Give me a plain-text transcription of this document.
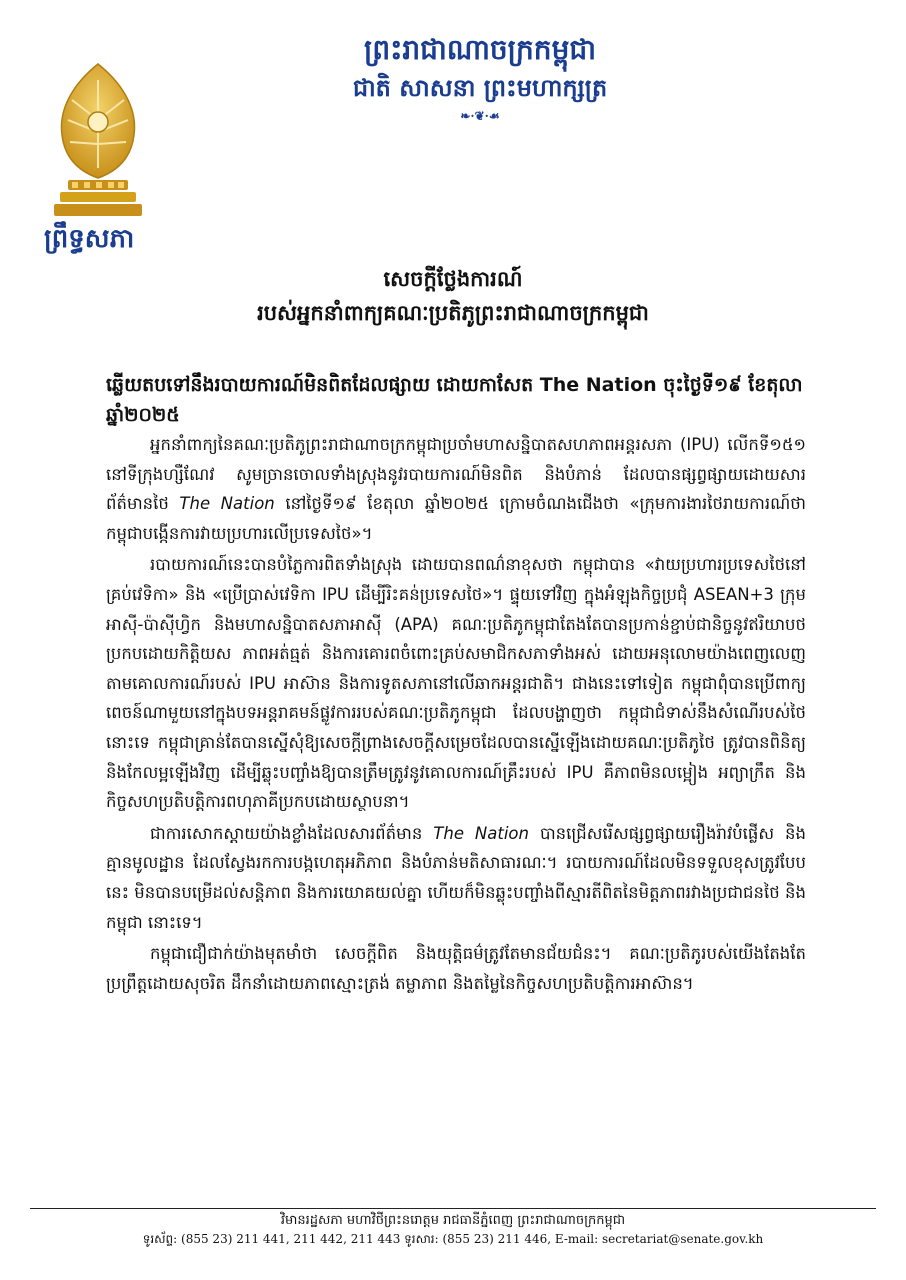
ព្រឹទ្ធសភា
ព្រះរាជាណាចក្រកម្ពុជា
ជាតិ សាសនា ព្រះមហាក្សត្រ
❧·❦·☙
សេចក្តីថ្លែងការណ៍
របស់អ្នកនាំពាក្យគណៈប្រតិភូព្រះរាជាណាចក្រកម្ពុជា
ឆ្លើយតបទៅនឹងរបាយការណ៍មិនពិតដែលផ្សាយ ដោយកាសែត The Nation ចុះថ្ងៃទី១៩ ខែតុលា ឆ្នាំ២០២៥

អ្នកនាំពាក្យនៃគណៈប្រតិភូព្រះរាជាណាចក្រកម្ពុជាប្រចាំមហាសន្និបាតសហភាពអន្តរសភា (IPU) លើកទី១៥១ នៅទីក្រុងហ្សឺណែវ សូមច្រានចោលទាំងស្រុងនូវរបាយការណ៍មិនពិត និងបំភាន់ ដែលបានផ្សព្វផ្សាយដោយសារព័ត៌មានថៃ The Nation នៅថ្ងៃទី១៩ ខែតុលា ឆ្នាំ២០២៥ ក្រោមចំណងជើងថា «ក្រុមការងារថៃរាយការណ៍ថា កម្ពុជាបង្កើនការវាយប្រហារលើប្រទេសថៃ»។

របាយការណ៍នេះបានបំភ្លៃការពិតទាំងស្រុង ដោយបានពណ៌នាខុសថា កម្ពុជាបាន «វាយប្រហារប្រទេសថៃនៅគ្រប់វេទិកា» និង «ប្រើប្រាស់វេទិកា IPU ដើម្បីរិះគន់ប្រទេសថៃ»។ ផ្ទុយទៅវិញ ក្នុងអំឡុងកិច្ចប្រជុំ ASEAN+3 ក្រុមអាស៊ី-ប៉ាស៊ីហ្វិក និងមហាសន្និបាតសភាអាស៊ី (APA) គណៈប្រតិភូកម្ពុជាតែងតែបានប្រកាន់ខ្ជាប់ជានិច្ចនូវឥរិយាបថប្រកបដោយកិត្តិយស ភាពអត់ធ្មត់ និងការគោរពចំពោះគ្រប់សមាជិកសភាទាំងអស់ ដោយអនុលោមយ៉ាងពេញលេញតាមគោលការណ៍របស់ IPU អាស៊ាន និងការទូតសភានៅលើឆាកអន្តរជាតិ។ ជាងនេះទៅទៀត កម្ពុជាពុំបានប្រើពាក្យពេចន៍ណាមួយនៅក្នុងបទអន្តរាគមន៍ផ្លូវការរបស់គណៈប្រតិភូកម្ពុជា ដែលបង្ហាញថា កម្ពុជាជំទាស់នឹងសំណើរបស់ថៃនោះទេ កម្ពុជាគ្រាន់តែបានស្នើសុំឱ្យសេចក្តីព្រាងសេចក្តីសម្រេចដែលបានស្នើឡើងដោយគណៈប្រតិភូថៃ ត្រូវបានពិនិត្យ និងកែលម្អឡើងវិញ ដើម្បីឆ្លុះបញ្ចាំងឱ្យបានត្រឹមត្រូវនូវគោលការណ៍គ្រឹះរបស់ IPU គឺភាពមិនលម្អៀង អព្យាក្រឹត និងកិច្ចសហប្រតិបត្តិការពហុភាគីប្រកបដោយស្ថាបនា។

ជាការសោកស្តាយយ៉ាងខ្លាំងដែលសារព័ត៌មាន The Nation បានជ្រើសរើសផ្សព្វផ្សាយរឿងរ៉ាវបំផ្លើស និងគ្មានមូលដ្ឋាន ដែលស្វែងរកការបង្កហេតុអភិភាព និងបំភាន់មតិសាធារណៈ។ របាយការណ៍ដែលមិនទទួលខុសត្រូវបែបនេះ មិនបានបម្រើដល់សន្តិភាព និងការយោគយល់គ្នា ហើយក៏មិនឆ្លុះបញ្ចាំងពីស្មារតីពិតនៃមិត្តភាពរវាងប្រជាជនថៃ និងកម្ពុជា នោះទេ។

កម្ពុជាជឿជាក់យ៉ាងមុតមាំថា សេចក្តីពិត និងយុត្តិធម៌ត្រូវតែមានជ័យជំនះ។ គណៈប្រតិភូរបស់យើងតែងតែប្រព្រឹត្តដោយសុចរិត ដឹកនាំដោយភាពស្មោះត្រង់ តម្លាភាព និងតម្លៃនៃកិច្ចសហប្រតិបត្តិការអាស៊ាន។

វិមានរដ្ឋសភា មហាវិថីព្រះនរោត្តម រាជធានីភ្នំពេញ ព្រះរាជាណាចក្រកម្ពុជា
ទូរស័ព្ទ: (855 23) 211 441, 211 442, 211 443 ទូរសារ: (855 23) 211 446, E-mail: secretariat@senate.gov.kh
